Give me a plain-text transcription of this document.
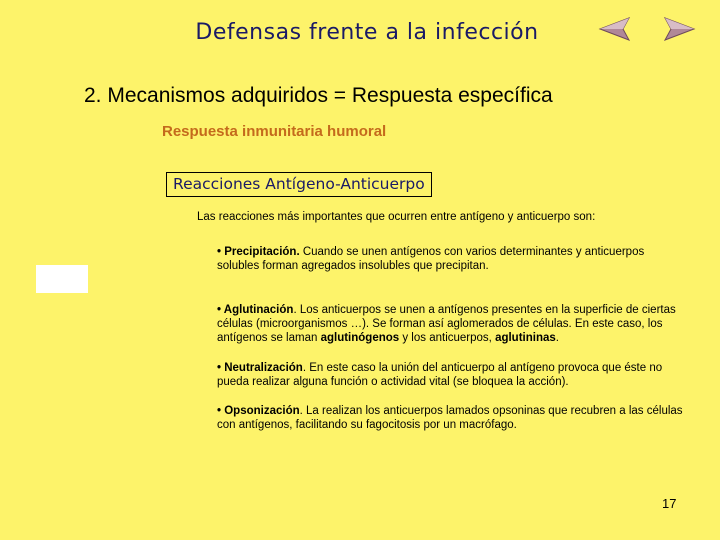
Defensas frente a la infección
2. Mecanismos adquiridos = Respuesta específica
Respuesta inmunitaria humoral
Reacciones Antígeno-Anticuerpo
Las reacciones más importantes que ocurren entre antígeno y anticuerpo son:

• Precipitación. Cuando se unen antígenos con varios determinantes y anticuerpos solubles forman agregados insolubles que precipitan.

• Aglutinación. Los anticuerpos se unen a antígenos presentes en la superficie de ciertas células (microorganismos …). Se forman así aglomerados de células. En este caso, los antígenos se laman aglutinógenos y los anticuerpos, aglutininas.

• Neutralización. En este caso la unión del anticuerpo al antígeno provoca que éste no pueda realizar alguna función o actividad vital (se bloquea la acción).

• Opsonización. La realizan los anticuerpos lamados opsoninas que recubren a las células con antígenos, facilitando su fagocitosis por un macrófago.

17
